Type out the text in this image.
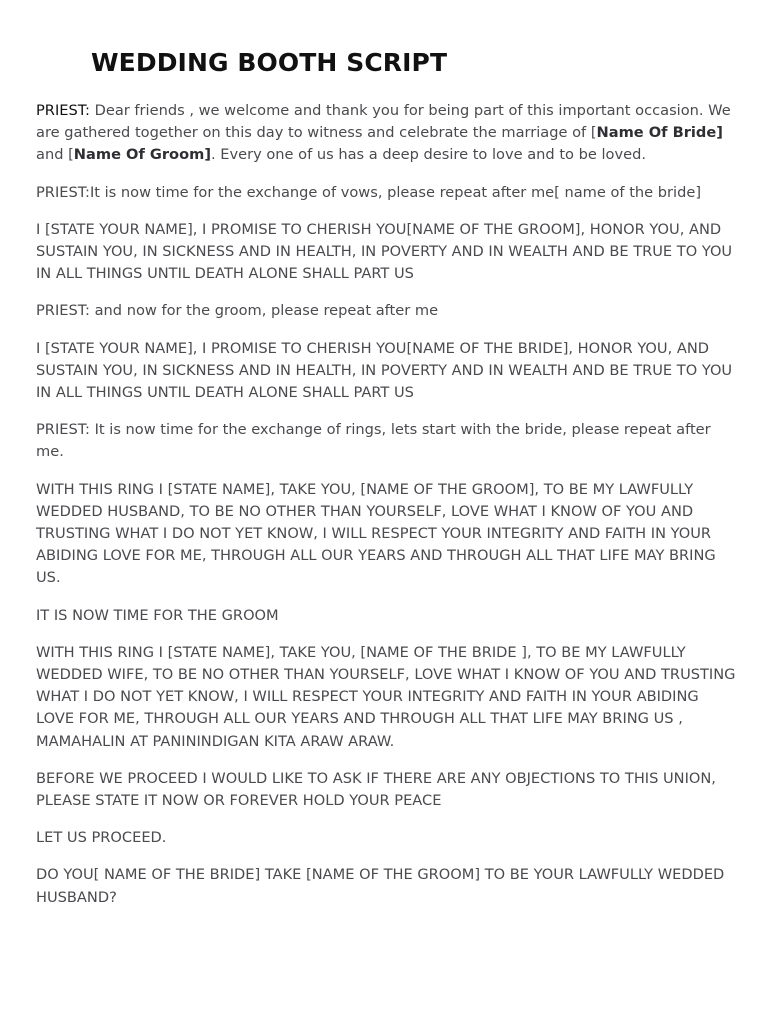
WEDDING BOOTH SCRIPT

PRIEST: Dear friends , we welcome and thank you for being part of this important occasion. We are gathered together on this day to witness and celebrate the marriage of [Name Of Bride] and [Name Of Groom]. Every one of us has a deep desire to love and to be loved.

PRIEST:It is now time for the exchange of vows, please repeat after me[ name of the bride]

I [STATE YOUR NAME], I PROMISE TO CHERISH YOU[NAME OF THE GROOM], HONOR YOU, AND SUSTAIN YOU, IN SICKNESS AND IN HEALTH, IN POVERTY AND IN WEALTH AND BE TRUE TO YOU IN ALL THINGS UNTIL DEATH ALONE SHALL PART US

PRIEST: and now for the groom, please repeat after me

I [STATE YOUR NAME], I PROMISE TO CHERISH YOU[NAME OF THE BRIDE], HONOR YOU, AND SUSTAIN YOU, IN SICKNESS AND IN HEALTH, IN POVERTY AND IN WEALTH AND BE TRUE TO YOU IN ALL THINGS UNTIL DEATH ALONE SHALL PART US

PRIEST: It is now time for the exchange of rings, lets start with the bride, please repeat after me.

WITH THIS RING I [STATE NAME], TAKE YOU, [NAME OF THE GROOM], TO BE MY LAWFULLY WEDDED HUSBAND, TO BE NO OTHER THAN YOURSELF, LOVE WHAT I KNOW OF YOU AND TRUSTING WHAT I DO NOT YET KNOW, I WILL RESPECT YOUR INTEGRITY AND FAITH IN YOUR ABIDING LOVE FOR ME, THROUGH ALL OUR YEARS AND THROUGH ALL THAT LIFE MAY BRING US.

IT IS NOW TIME FOR THE GROOM

WITH THIS RING I [STATE NAME], TAKE YOU, [NAME OF THE BRIDE ], TO BE MY LAWFULLY WEDDED WIFE, TO BE NO OTHER THAN YOURSELF, LOVE WHAT I KNOW OF YOU AND TRUSTING WHAT I DO NOT YET KNOW, I WILL RESPECT YOUR INTEGRITY AND FAITH IN YOUR ABIDING LOVE FOR ME, THROUGH ALL OUR YEARS AND THROUGH ALL THAT LIFE MAY BRING US , MAMAHALIN AT PANININDIGAN KITA ARAW ARAW.

BEFORE WE PROCEED I WOULD LIKE TO ASK IF THERE ARE ANY OBJECTIONS TO THIS UNION, PLEASE STATE IT NOW OR FOREVER HOLD YOUR PEACE

LET US PROCEED.

DO YOU[ NAME OF THE BRIDE] TAKE [NAME OF THE GROOM] TO BE YOUR LAWFULLY WEDDED HUSBAND?
